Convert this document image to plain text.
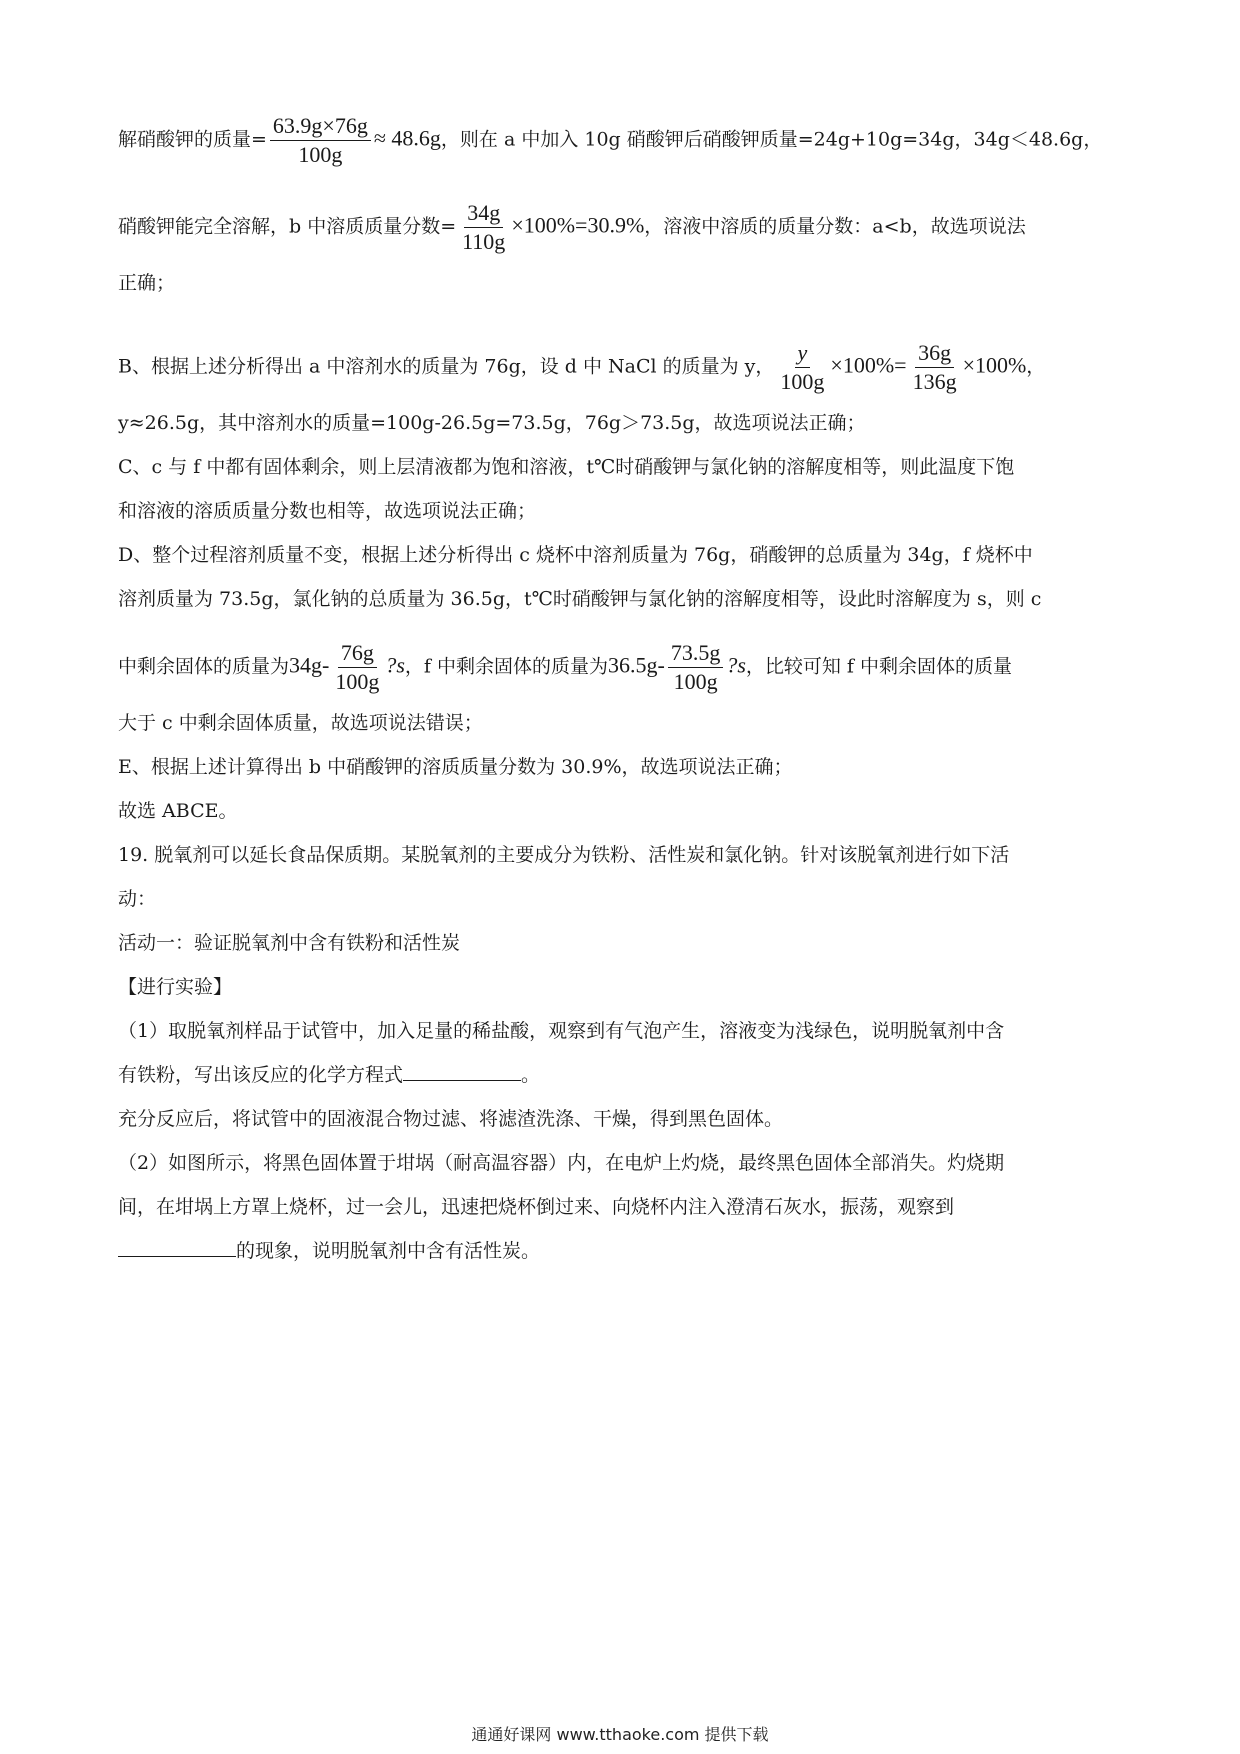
解硝酸钾的质量= $\frac{63.9g\times 76g}{100g} \approx 48.6g$，则在 a 中加入 10g 硝酸钾后硝酸钾质量=24g+10g=34g，34g＜48.6g，
硝酸钾能完全溶解，b 中溶质质量分数= $\frac{34g}{110g} \times 100\%=30.9\%$，溶液中溶质的质量分数：a<b，故选项说法
正确；
B、根据上述分析得出 a 中溶剂水的质量为 76g，设 d 中 NaCl 的质量为 y， $\frac{y}{100g} \times 100\%= \frac{36g}{136g} \times 100\%$，
y≈26.5g，其中溶剂水的质量=100g-26.5g=73.5g，76g＞73.5g，故选项说法正确；
C、c 与 f 中都有固体剩余，则上层清液都为饱和溶液，t℃时硝酸钾与氯化钠的溶解度相等，则此温度下饱
和溶液的溶质质量分数也相等，故选项说法正确；
D、整个过程溶剂质量不变，根据上述分析得出 c 烧杯中溶剂质量为 76g，硝酸钾的总质量为 34g，f 烧杯中
溶剂质量为 73.5g，氯化钠的总质量为 36.5g，t℃时硝酸钾与氯化钠的溶解度相等，设此时溶解度为 s，则 c
中剩余固体的质量为$34g- \frac{76g}{100g}$ ?s，f 中剩余固体的质量为$36.5g- \frac{73.5g}{100g}$ ?s，比较可知 f 中剩余固体的质量
大于 c 中剩余固体质量，故选项说法错误；
E、根据上述计算得出 b 中硝酸钾的溶质质量分数为 30.9%，故选项说法正确；
故选 ABCE。
19. 脱氧剂可以延长食品保质期。某脱氧剂的主要成分为铁粉、活性炭和氯化钠。针对该脱氧剂进行如下活
动：
活动一：验证脱氧剂中含有铁粉和活性炭
【进行实验】
（1）取脱氧剂样品于试管中，加入足量的稀盐酸，观察到有气泡产生，溶液变为浅绿色，说明脱氧剂中含
有铁粉，写出该反应的化学方程式	。
充分反应后，将试管中的固液混合物过滤、将滤渣洗涤、干燥，得到黑色固体。
（2）如图所示，将黑色固体置于坩埚（耐高温容器）内，在电炉上灼烧，最终黑色固体全部消失。灼烧期
间，在坩埚上方罩上烧杯，过一会儿，迅速把烧杯倒过来、向烧杯内注入澄清石灰水，振荡，观察到
的现象，说明脱氧剂中含有活性炭。
通通好课网 www.tthaoke.com 提供下载
